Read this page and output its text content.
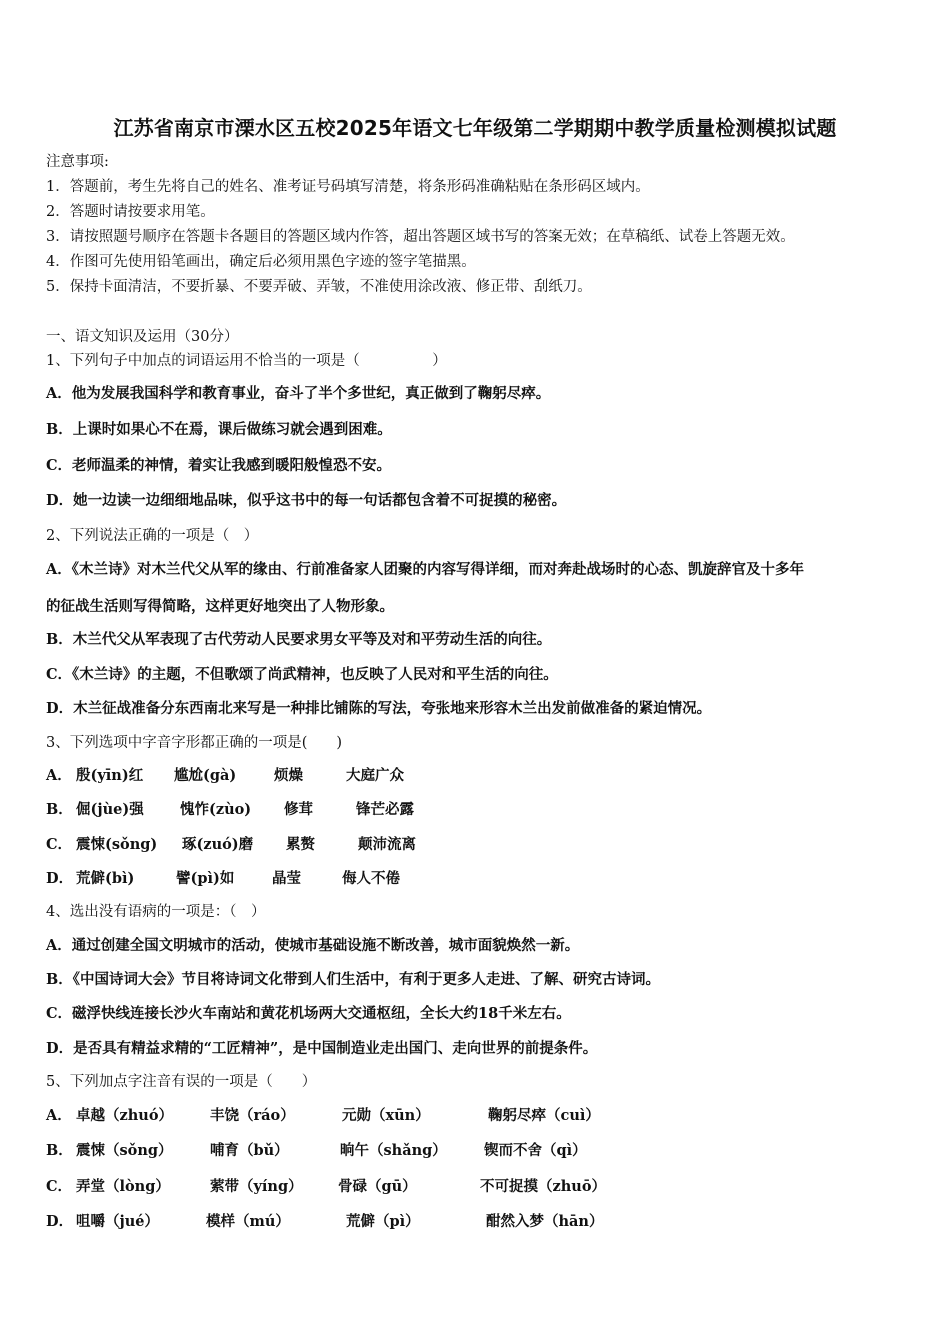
江苏省南京市溧水区五校2025年语文七年级第二学期期中教学质量检测模拟试题
注意事项:
1．答题前，考生先将自己的姓名、准考证号码填写清楚，将条形码准确粘贴在条形码区域内。
2．答题时请按要求用笔。
3．请按照题号顺序在答题卡各题目的答题区域内作答，超出答题区域书写的答案无效；在草稿纸、试卷上答题无效。
4．作图可先使用铅笔画出，确定后必须用黑色字迹的签字笔描黑。
5．保持卡面清洁，不要折暴、不要弄破、弄皱，不准使用涂改液、修正带、刮纸刀。
一、语文知识及运用（30分）
1、下列句子中加点的词语运用不恰当的一项是（　　　　　）
A．他为发展我国科学和教育事业，奋斗了半个多世纪，真正做到了鞠躬尽瘁。
B．上课时如果心不在焉，课后做练习就会遇到困难。
C．老师温柔的神情，着实让我感到暖阳般惶恐不安。
D．她一边读一边细细地品味，似乎这书中的每一句话都包含着不可捉摸的秘密。
2、下列说法正确的一项是（　）
A．《木兰诗》对木兰代父从军的缘由、行前准备家人团聚的内容写得详细，而对奔赴战场时的心态、凯旋辞官及十多年
的征战生活则写得简略，这样更好地突出了人物形象。
B．木兰代父从军表现了古代劳动人民要求男女平等及对和平劳动生活的向往。
C．《木兰诗》的主题，不但歌颂了尚武精神，也反映了人民对和平生活的向往。
D．木兰征战准备分东西南北来写是一种排比铺陈的写法，夸张地来形容木兰出发前做准备的紧迫情况。
3、下列选项中字音字形都正确的一项是(　　)
A． 殷(yīn)红 尴尬(gà)	烦燥	大庭广众
B． 倔(jùe)强	愧怍(zùo) 修茸	锋芒必露
C． 震悚(sǒng) 琢(zuó)磨 累赘	颠沛流离
D． 荒僻(bì)	譬(pì)如	晶莹	侮人不倦
4、选出没有语病的一项是：（　）
A．通过创建全国文明城市的活动，使城市基础设施不断改善，城市面貌焕然一新。
B．《中国诗词大会》节目将诗词文化带到人们生活中，有利于更多人走进、了解、研究古诗词。
C．磁浮快线连接长沙火车南站和黄花机场两大交通枢纽，全长大约18千米左右。
D．是否具有精益求精的“工匠精神”，是中国制造业走出国门、走向世界的前提条件。
5、下列加点字注音有误的一项是（　　）
A． 卓越（zhuó）	丰饶（ráo）	元勋（xūn）	鞠躬尽瘁（cuì）
B． 震悚（sǒng）	哺育（bǔ）	晌午（shǎng）	锲而不舍（qì）
C． 弄堂（lòng）	萦带（yíng） 骨碌（gū）	不可捉摸（zhuō）
D． 咀嚼（jué）	模样（mú）	荒僻（pì）	酣然入梦（hān）
